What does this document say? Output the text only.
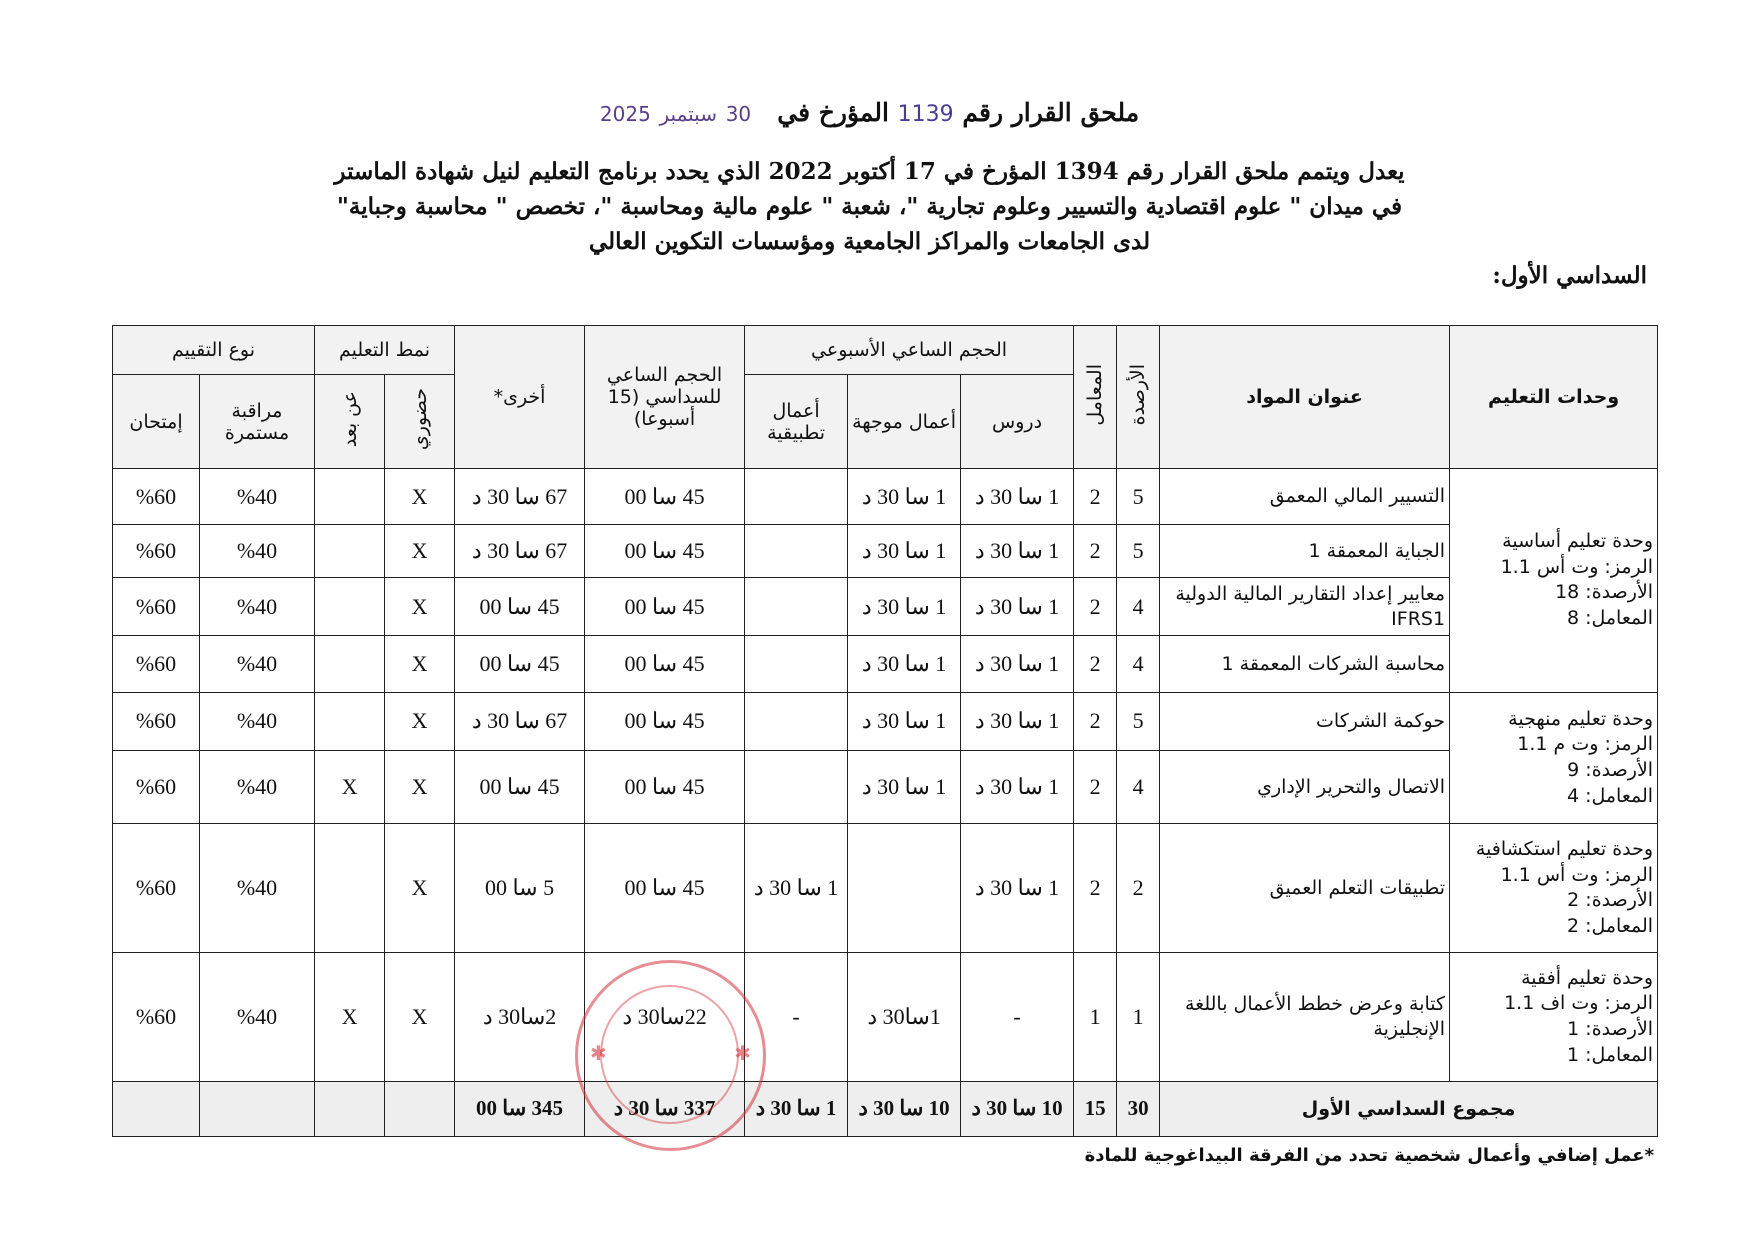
ملحق القرار رقم 1139 المؤرخ في   30 سبتمبر 2025
يعدل ويتمم ملحق القرار رقم 1394 المؤرخ في 17 أكتوبر 2022 الذي يحدد برنامج التعليم لنيل شهادة الماستر
في ميدان " علوم اقتصادية والتسيير وعلوم تجارية "، شعبة " علوم مالية ومحاسبة "، تخصص " محاسبة وجباية"
لدى الجامعات والمراكز الجامعية ومؤسسات التكوين العالي
السداسي الأول:
وحدات التعليم	عنوان المواد	الأرصدة	المعامل	الحجم الساعي الأسبوعي			الحجم الساعي للسداسي (15 أسبوعا)	أخرى*	نمط التعليم		نوع التقييم	
				دروس	أعمال موجهة	أعمال تطبيقية			حضوري	عن بعد	مراقبة مستمرة	إمتحان

وحدة تعليم أساسية
الرمز: وت أس 1.1
الأرصدة: 18
المعامل: 8	التسيير المالي المعمق	5	2	1 سا 30 د	1 سا 30 د		45 سا 00	67 سا 30 د	X		%40	%60
	الجباية المعمقة 1	5	2	1 سا 30 د	1 سا 30 د		45 سا 00	67 سا 30 د	X		%40	%60
	معايير إعداد التقارير المالية الدولية IFRS1	4	2	1 سا 30 د	1 سا 30 د		45 سا 00	45 سا 00	X		%40	%60
	محاسبة الشركات المعمقة 1	4	2	1 سا 30 د	1 سا 30 د		45 سا 00	45 سا 00	X		%40	%60

وحدة تعليم منهجية
الرمز: وت م 1.1
الأرصدة: 9
المعامل: 4	حوكمة الشركات	5	2	1 سا 30 د	1 سا 30 د		45 سا 00	67 سا 30 د	X		%40	%60
	الاتصال والتحرير الإداري	4	2	1 سا 30 د	1 سا 30 د		45 سا 00	45 سا 00	X	X	%40	%60

وحدة تعليم استكشافية
الرمز: وت أس 1.1
الأرصدة: 2
المعامل: 2	تطبيقات التعلم العميق	2	2	1 سا 30 د		1 سا 30 د	45 سا 00	5 سا 00	X		%40	%60

وحدة تعليم أفقية
الرمز: وت اف 1.1
الأرصدة: 1
المعامل: 1	كتابة وعرض خطط الأعمال باللغة الإنجليزية	1	1	-	1سا30 د	-	22سا30 د	2سا30 د	X	X	%40	%60
مجموع السداسي الأول		30	15	10 سا 30 د	10 سا 30 د	1 سا 30 د	337 سا 30 د	345 سا 00				
✱	✱
*عمل إضافي وأعمال شخصية تحدد من الفرقة البيداغوجية للمادة
